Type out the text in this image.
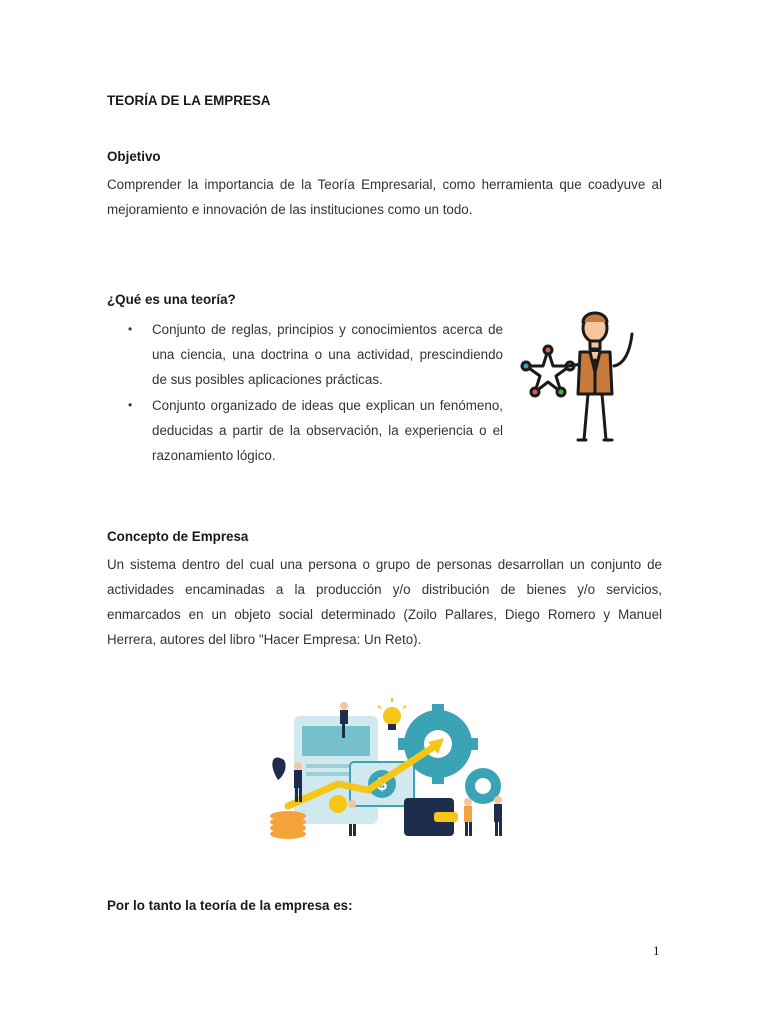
TEORÍA DE LA EMPRESA
Objetivo
Comprender la importancia de la Teoría Empresarial, como herramienta que coadyuve al mejoramiento e innovación de las instituciones como un todo.
¿Qué es una teoría?
• Conjunto de reglas, principios y conocimientos acerca de una ciencia, una doctrina o una actividad, prescindiendo de sus posibles aplicaciones prácticas.
• Conjunto organizado de ideas que explican un fenómeno, deducidas a partir de la observación, la experiencia o el razonamiento lógico.
Concepto de Empresa
Un sistema dentro del cual una persona o grupo de personas desarrollan un conjunto de actividades encaminadas a la producción y/o distribución de bienes y/o servicios, enmarcados en un objeto social determinado (Zoilo Pallares, Diego Romero y Manuel Herrera, autores del libro "Hacer Empresa: Un Reto).
$
Por lo tanto la teoría de la empresa es:
1
